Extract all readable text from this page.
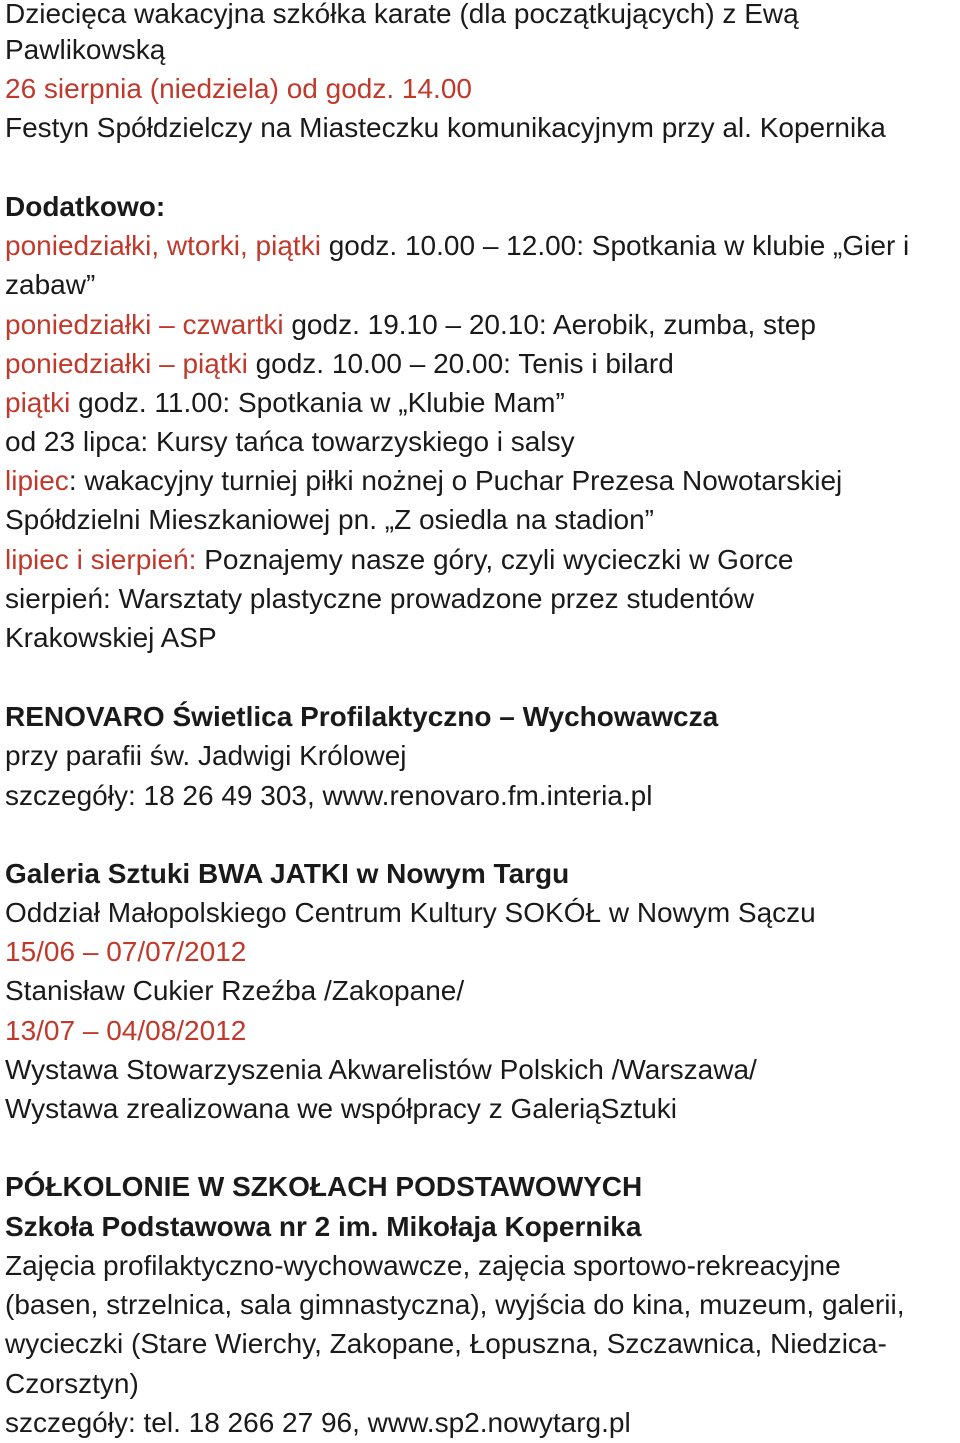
Dziecięca wakacyjna szkółka karate (dla początkujących) z Ewą
Pawlikowską
26 sierpnia (niedziela) od godz. 14.00
Festyn Spółdzielczy na Miasteczku komunikacyjnym przy al. Kopernika
Dodatkowo:
poniedziałki, wtorki, piątki godz. 10.00 – 12.00: Spotkania w klubie „Gier i
zabaw”
poniedziałki – czwartki godz. 19.10 – 20.10: Aerobik, zumba, step
poniedziałki – piątki godz. 10.00 – 20.00: Tenis i bilard
piątki godz. 11.00: Spotkania w „Klubie Mam”
od 23 lipca: Kursy tańca towarzyskiego i salsy
lipiec: wakacyjny turniej piłki nożnej o Puchar Prezesa Nowotarskiej
Spółdzielni Mieszkaniowej pn. „Z osiedla na stadion”
lipiec i sierpień: Poznajemy nasze góry, czyli wycieczki w Gorce
sierpień: Warsztaty plastyczne prowadzone przez studentów
Krakowskiej ASP
RENOVARO Świetlica Profilaktyczno – Wychowawcza
przy parafii św. Jadwigi Królowej
szczegóły: 18 26 49 303, www.renovaro.fm.interia.pl
Galeria Sztuki BWA JATKI w Nowym Targu
Oddział Małopolskiego Centrum Kultury SOKÓŁ w Nowym Sączu
15/06 – 07/07/2012
Stanisław Cukier Rzeźba /Zakopane/
13/07 – 04/08/2012
Wystawa Stowarzyszenia Akwarelistów Polskich /Warszawa/
Wystawa zrealizowana we współpracy z GaleriąSztuki
PÓŁKOLONIE W SZKOŁACH PODSTAWOWYCH
Szkoła Podstawowa nr 2 im. Mikołaja Kopernika
Zajęcia profilaktyczno-wychowawcze, zajęcia sportowo-rekreacyjne
(basen, strzelnica, sala gimnastyczna), wyjścia do kina, muzeum, galerii,
wycieczki (Stare Wierchy, Zakopane, Łopuszna, Szczawnica, Niedzica-
Czorsztyn)
szczegóły: tel. 18 266 27 96, www.sp2.nowytarg.pl
